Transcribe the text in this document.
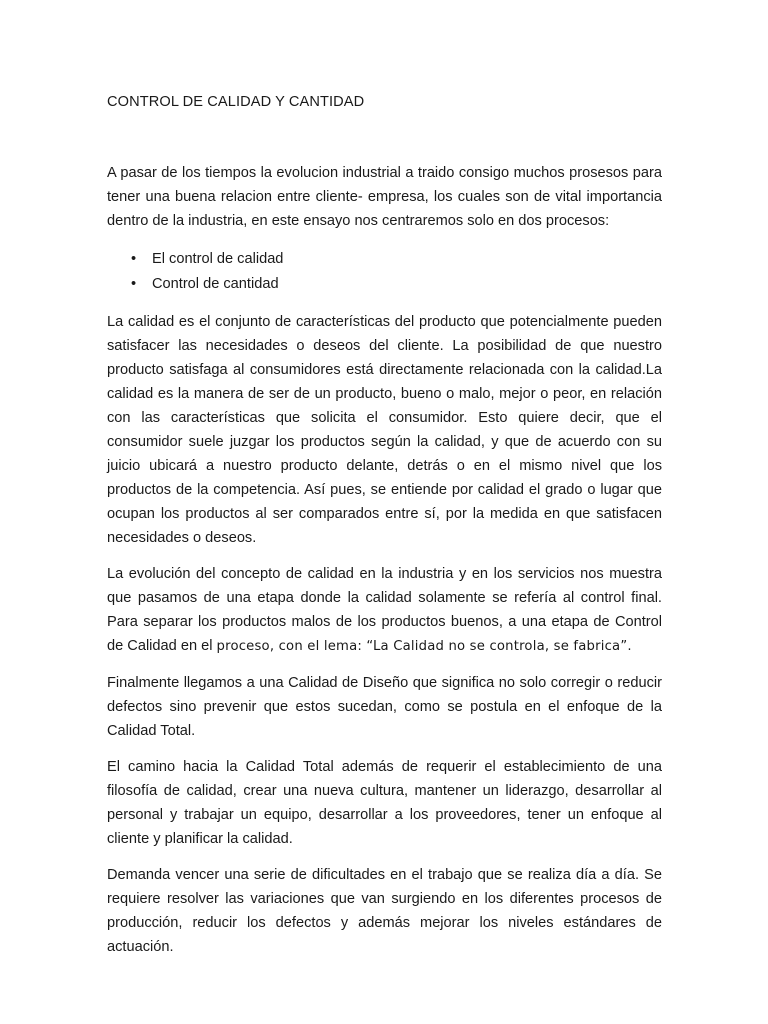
CONTROL DE CALIDAD Y CANTIDAD

A pasar de los tiempos la evolucion industrial a traido consigo muchos prosesos para tener una buena relacion entre cliente- empresa, los cuales son de vital importancia dentro de la industria, en este ensayo nos centraremos solo en dos procesos:

• El control de calidad
• Control de cantidad

La calidad es el conjunto de características del producto que potencialmente pueden satisfacer las necesidades o deseos del cliente. La posibilidad de que nuestro producto satisfaga al consumidores está directamente relacionada con la calidad.La calidad es la manera de ser de un producto, bueno o malo, mejor o peor, en relación con las características que solicita el consumidor. Esto quiere decir, que el consumidor suele juzgar los productos según la calidad, y que de acuerdo con su juicio ubicará a nuestro producto delante, detrás o en el mismo nivel que los productos de la competencia. Así pues, se entiende por calidad el grado o lugar que ocupan los productos al ser comparados entre sí, por la medida en que satisfacen necesidades o deseos.

La evolución del concepto de calidad en la industria y en los servicios nos muestra que pasamos de una etapa donde la calidad solamente se refería al control final. Para separar los productos malos de los productos buenos, a una etapa de Control de Calidad en el proceso, con el lema: “La Calidad no se controla, se fabrica”.

Finalmente llegamos a una Calidad de Diseño que significa no solo corregir o reducir defectos sino prevenir que estos sucedan, como se postula en el enfoque de la Calidad Total.

El camino hacia la Calidad Total además de requerir el establecimiento de una filosofía de calidad, crear una nueva cultura, mantener un liderazgo, desarrollar al personal y trabajar un equipo, desarrollar a los proveedores, tener un enfoque al cliente y planificar la calidad.

Demanda vencer una serie de dificultades en el trabajo que se realiza día a día. Se requiere resolver las variaciones que van surgiendo en los diferentes procesos de producción, reducir los defectos y además mejorar los niveles estándares de actuación.
